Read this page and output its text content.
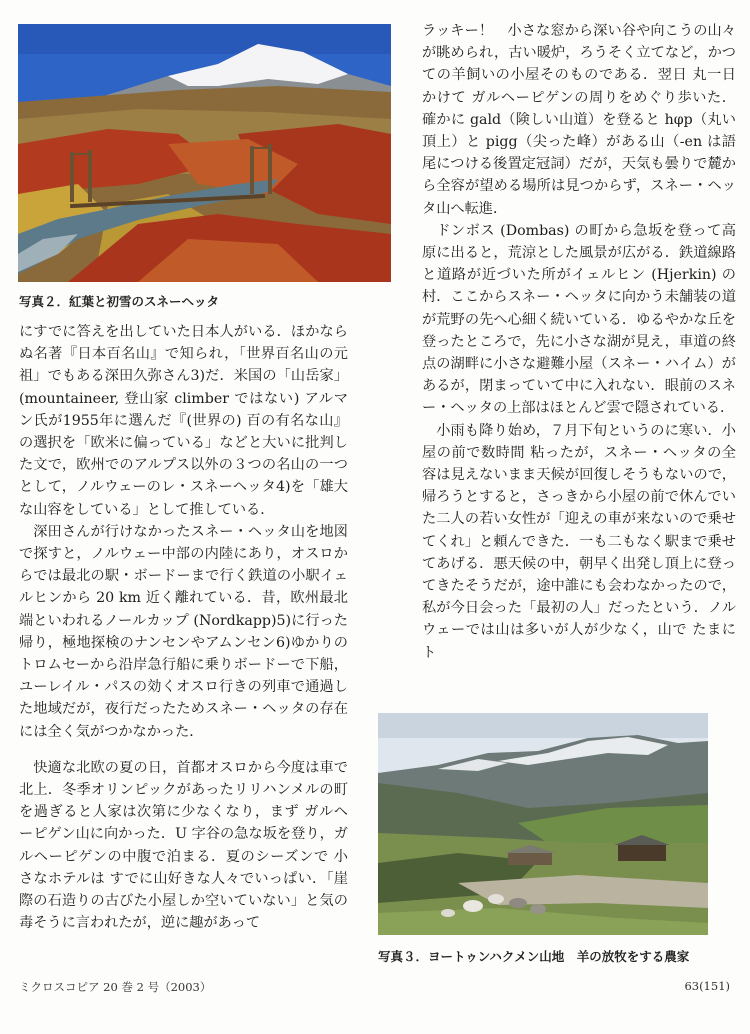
写真２．紅葉と初雪のスネーヘッタ

にすでに答えを出していた日本人がいる．ほかならぬ名著『日本百名山』で知られ，「世界百名山の元祖」でもある深田久弥さん3)だ．米国の「山岳家」(mountaineer, 登山家 climber ではない) アルマン氏が1955年に選んだ『(世界の) 百の有名な山』の選択を「欧米に偏っている」などと大いに批判した文で，欧州でのアルプス以外の３つの名山の一つとして，ノルウェーのレ・スネーヘッタ4)を「雄大な山容をしている」として推している．

深田さんが行けなかったスネー・ヘッタ山を地図で探すと，ノルウェー中部の内陸にあり，オスロからでは最北の駅・ボードーまで行く鉄道の小駅イェルヒンから 20 km 近く離れている．昔，欧州最北端といわれるノールカップ (Nordkapp)5)に行った帰り，極地探検のナンセンやアムンセン6)ゆかりのトロムセーから沿岸急行船に乗りボードーで下船，ユーレイル・パスの効くオスロ行きの列車で通過した地域だが，夜行だったためスネー・ヘッタの存在には全く気がつかなかった．

快適な北欧の夏の日，首都オスロから今度は車で北上．冬季オリンピックがあったリリハンメルの町を過ぎると人家は次第に少なくなり，まず ガルヘーピゲン山に向かった．U 字谷の急な坂を登り，ガルヘーピゲンの中腹で泊まる．夏のシーズンで 小さなホテルは すでに山好きな人々でいっぱい．「崖際の石造りの古びた小屋しか空いていない」と気の毒そうに言われたが，逆に趣があって

ラッキー！　小さな窓から深い谷や向こうの山々が眺められ，古い暖炉，ろうそく立てなど，かつての羊飼いの小屋そのものである．翌日 丸一日かけて ガルヘーピゲンの周りをめぐり歩いた．確かに gald（険しい山道）を登ると hφp（丸い頂上）と pigg（尖った峰）がある山（-en は語尾につける後置定冠詞）だが，天気も曇りで麓から全容が望める場所は見つからず，スネー・ヘッタ山へ転進．

ドンボス (Dombas) の町から急坂を登って高原に出ると，荒涼とした風景が広がる．鉄道線路と道路が近づいた所がイェルヒン (Hjerkin) の村．ここからスネー・ヘッタに向かう未舗装の道が荒野の先へ心細く続いている．ゆるやかな丘を登ったところで，先に小さな湖が見え，車道の終点の湖畔に小さな避難小屋（スネー・ハイム）があるが，閉まっていて中に入れない．眼前のスネー・ヘッタの上部はほとんど雲で隠されている．

小雨も降り始め，７月下旬というのに寒い．小屋の前で数時間 粘ったが，スネー・ヘッタの全容は見えないまま天候が回復しそうもないので，帰ろうとすると，さっきから小屋の前で休んでいた二人の若い女性が「迎えの車が来ないので乗せてくれ」と頼んできた．一も二もなく駅まで乗せてあげる．悪天候の中，朝早く出発し頂上に登ってきたそうだが，途中誰にも会わなかったので，私が今日会った「最初の人」だったという．ノルウェーでは山は多いが人が少なく，山で たまにト

写真３．ヨートゥンハクメン山地　羊の放牧をする農家
ミクロスコピア 20 巻 2 号（2003）	63(151)
